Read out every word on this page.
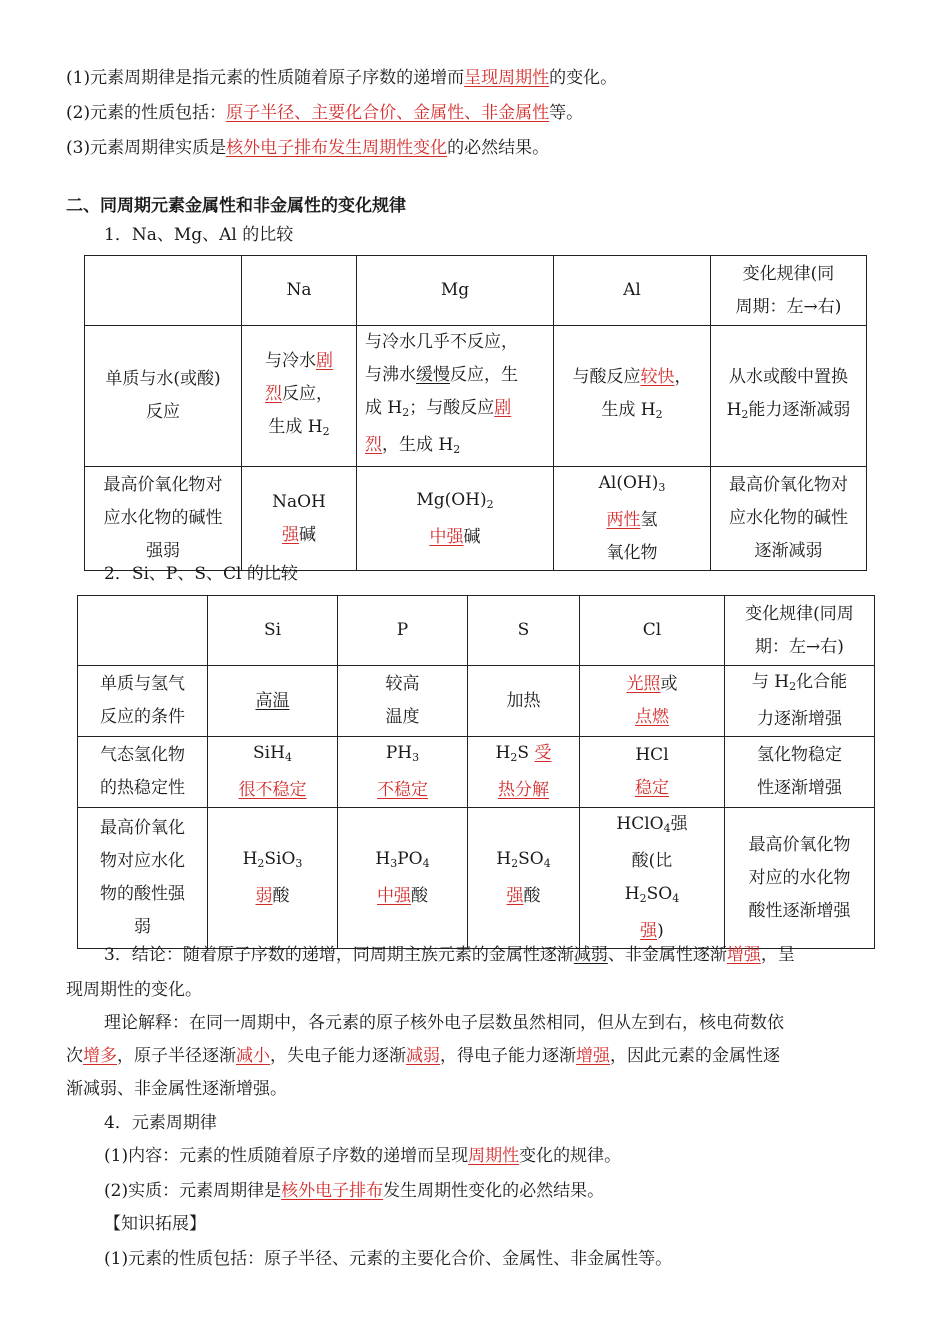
(1)元素周期律是指元素的性质随着原子序数的递增而呈现周期性的变化。
(2)元素的性质包括：原子半径、主要化合价、金属性、非金属性等。
(3)元素周期律实质是核外电子排布发生周期性变化的必然结果。
二、同周期元素金属性和非金属性的变化规律
1．Na、Mg、Al 的比较
	Na	Mg	Al	变化规律(同
周期：左→右)
单质与水(或酸)
反应	与冷水剧
烈反应，
生成 $H_2$	与冷水几乎不反应，
与沸水缓慢反应，生
成 $H_2$；与酸反应剧
烈，生成 $H_2$	与酸反应较快，
生成 $H_2$	从水或酸中置换
$H_2$能力逐渐减弱
最高价氧化物对
应水化物的碱性
强弱	NaOH
强碱	$Mg(OH)_2$
中强碱	$Al(OH)_3$
两性氢
氧化物	最高价氧化物对
应水化物的碱性
逐渐减弱
2．Si、P、S、Cl 的比较
	Si	P	S	Cl	变化规律(同周
期：左→右)
单质与氢气
反应的条件	高温	较高
温度	加热	光照或
点燃	与 $H_2$化合能
力逐渐增强
气态氢化物
的热稳定性	SiH$_4$
很不稳定	$PH_3$
不稳定	$H_2S$ 受
热分解	HCl
稳定	氢化物稳定
性逐渐增强
最高价氧化
物对应水化
物的酸性强
弱	$H_2SiO_3$
弱酸	$H_3PO_4$
中强酸	$H_2SO_4$
强酸	HClO$_4$强
酸(比
$H_2SO_4$
强)	最高价氧化物
对应的水化物
酸性逐渐增强
3．结论：随着原子序数的递增，同周期主族元素的金属性逐渐减弱、非金属性逐渐增强，呈
现周期性的变化。
理论解释：在同一周期中，各元素的原子核外电子层数虽然相同，但从左到右，核电荷数依
次增多，原子半径逐渐减小，失电子能力逐渐减弱，得电子能力逐渐增强，因此元素的金属性逐
渐减弱、非金属性逐渐增强。
4．元素周期律
(1)内容：元素的性质随着原子序数的递增而呈现周期性变化的规律。
(2)实质：元素周期律是核外电子排布发生周期性变化的必然结果。
【知识拓展】
(1)元素的性质包括：原子半径、元素的主要化合价、金属性、非金属性等。
